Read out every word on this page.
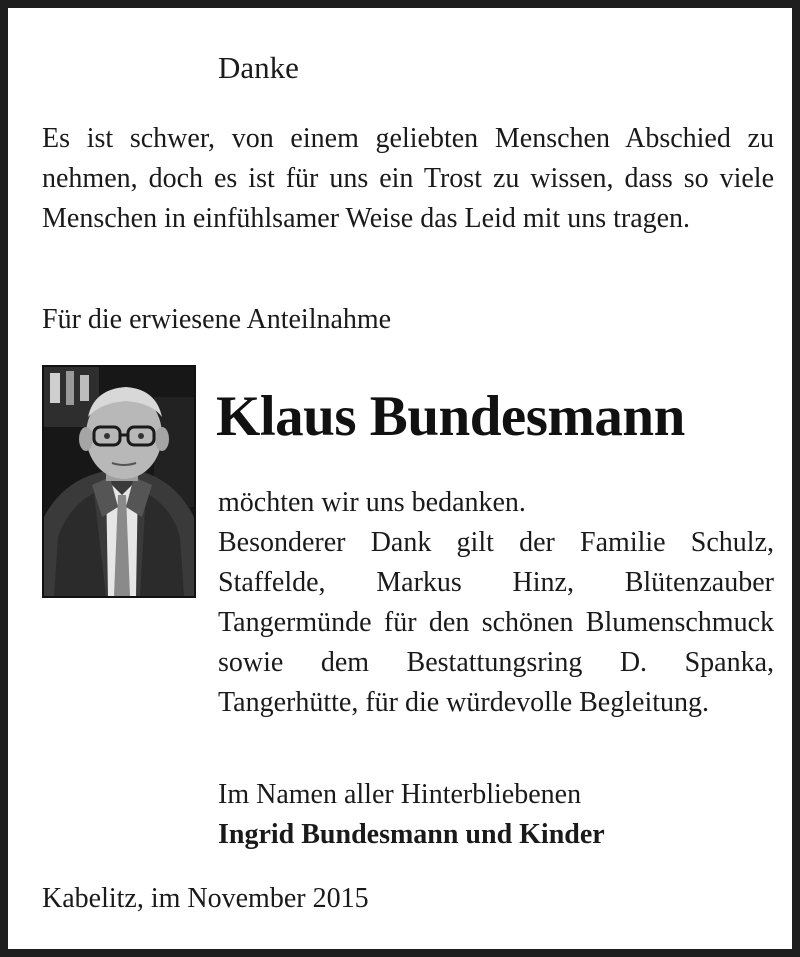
Danke

Es ist schwer, von einem geliebten Menschen Abschied zu nehmen, doch es ist für uns ein Trost zu wissen, dass so viele Menschen in einfühlsamer Weise das Leid mit uns tragen.

Für die erwiesene Anteilnahme
Klaus Bundesmann

möchten wir uns bedanken.
Besonderer Dank gilt der Familie Schulz, Staffelde, Markus Hinz, Blütenzauber Tangermünde für den schönen Blumenschmuck sowie dem Bestattungsring D. Spanka, Tangerhütte, für die würdevolle Begleitung.

Im Namen aller Hinterbliebenen
Ingrid Bundesmann und Kinder
Kabelitz, im November 2015
